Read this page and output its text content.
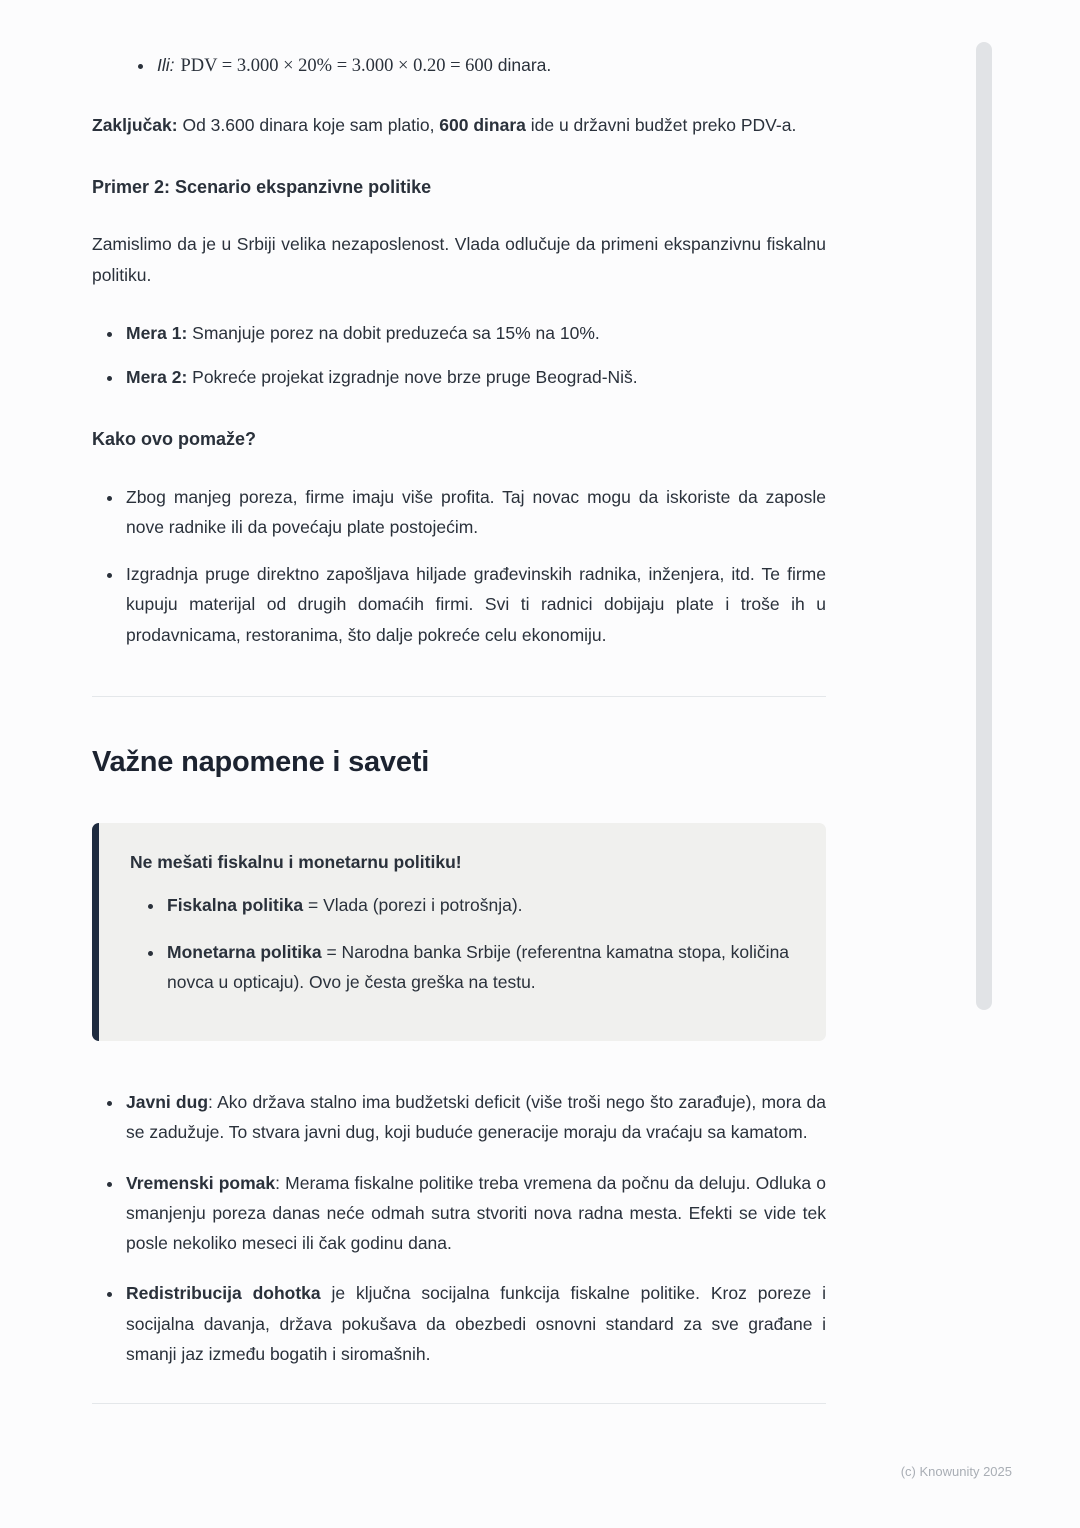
• Ili: PDV = 3.000 × 20% = 3.000 × 0.20 = 600 dinara.

Zaključak: Od 3.600 dinara koje sam platio, 600 dinara ide u državni budžet preko PDV-a.

Primer 2: Scenario ekspanzivne politike

Zamislimo da je u Srbiji velika nezaposlenost. Vlada odlučuje da primeni ekspanzivnu fiskalnu politiku.

• Mera 1: Smanjuje porez na dobit preduzeća sa 15% na 10%.
• Mera 2: Pokreće projekat izgradnje nove brze pruge Beograd-Niš.
Kako ovo pomaže?
• Zbog manjeg poreza, firme imaju više profita. Taj novac mogu da iskoriste da zaposle nove radnike ili da povećaju plate postojećim.
• Izgradnja pruge direktno zapošljava hiljade građevinskih radnika, inženjera, itd. Te firme kupuju materijal od drugih domaćih firmi. Svi ti radnici dobijaju plate i troše ih u prodavnicama, restoranima, što dalje pokreće celu ekonomiju.
Važne napomene i saveti
Ne mešati fiskalnu i monetarnu politiku!
• Fiskalna politika = Vlada (porezi i potrošnja).
• Monetarna politika = Narodna banka Srbije (referentna kamatna stopa, količina novca u opticaju). Ovo je česta greška na testu.
• Javni dug: Ako država stalno ima budžetski deficit (više troši nego što zarađuje), mora da se zadužuje. To stvara javni dug, koji buduće generacije moraju da vraćaju sa kamatom.
• Vremenski pomak: Merama fiskalne politike treba vremena da počnu da deluju. Odluka o smanjenju poreza danas neće odmah sutra stvoriti nova radna mesta. Efekti se vide tek posle nekoliko meseci ili čak godinu dana.
• Redistribucija dohotka je ključna socijalna funkcija fiskalne politike. Kroz poreze i socijalna davanja, država pokušava da obezbedi osnovni standard za sve građane i smanji jaz između bogatih i siromašnih.
(c) Knowunity 2025
